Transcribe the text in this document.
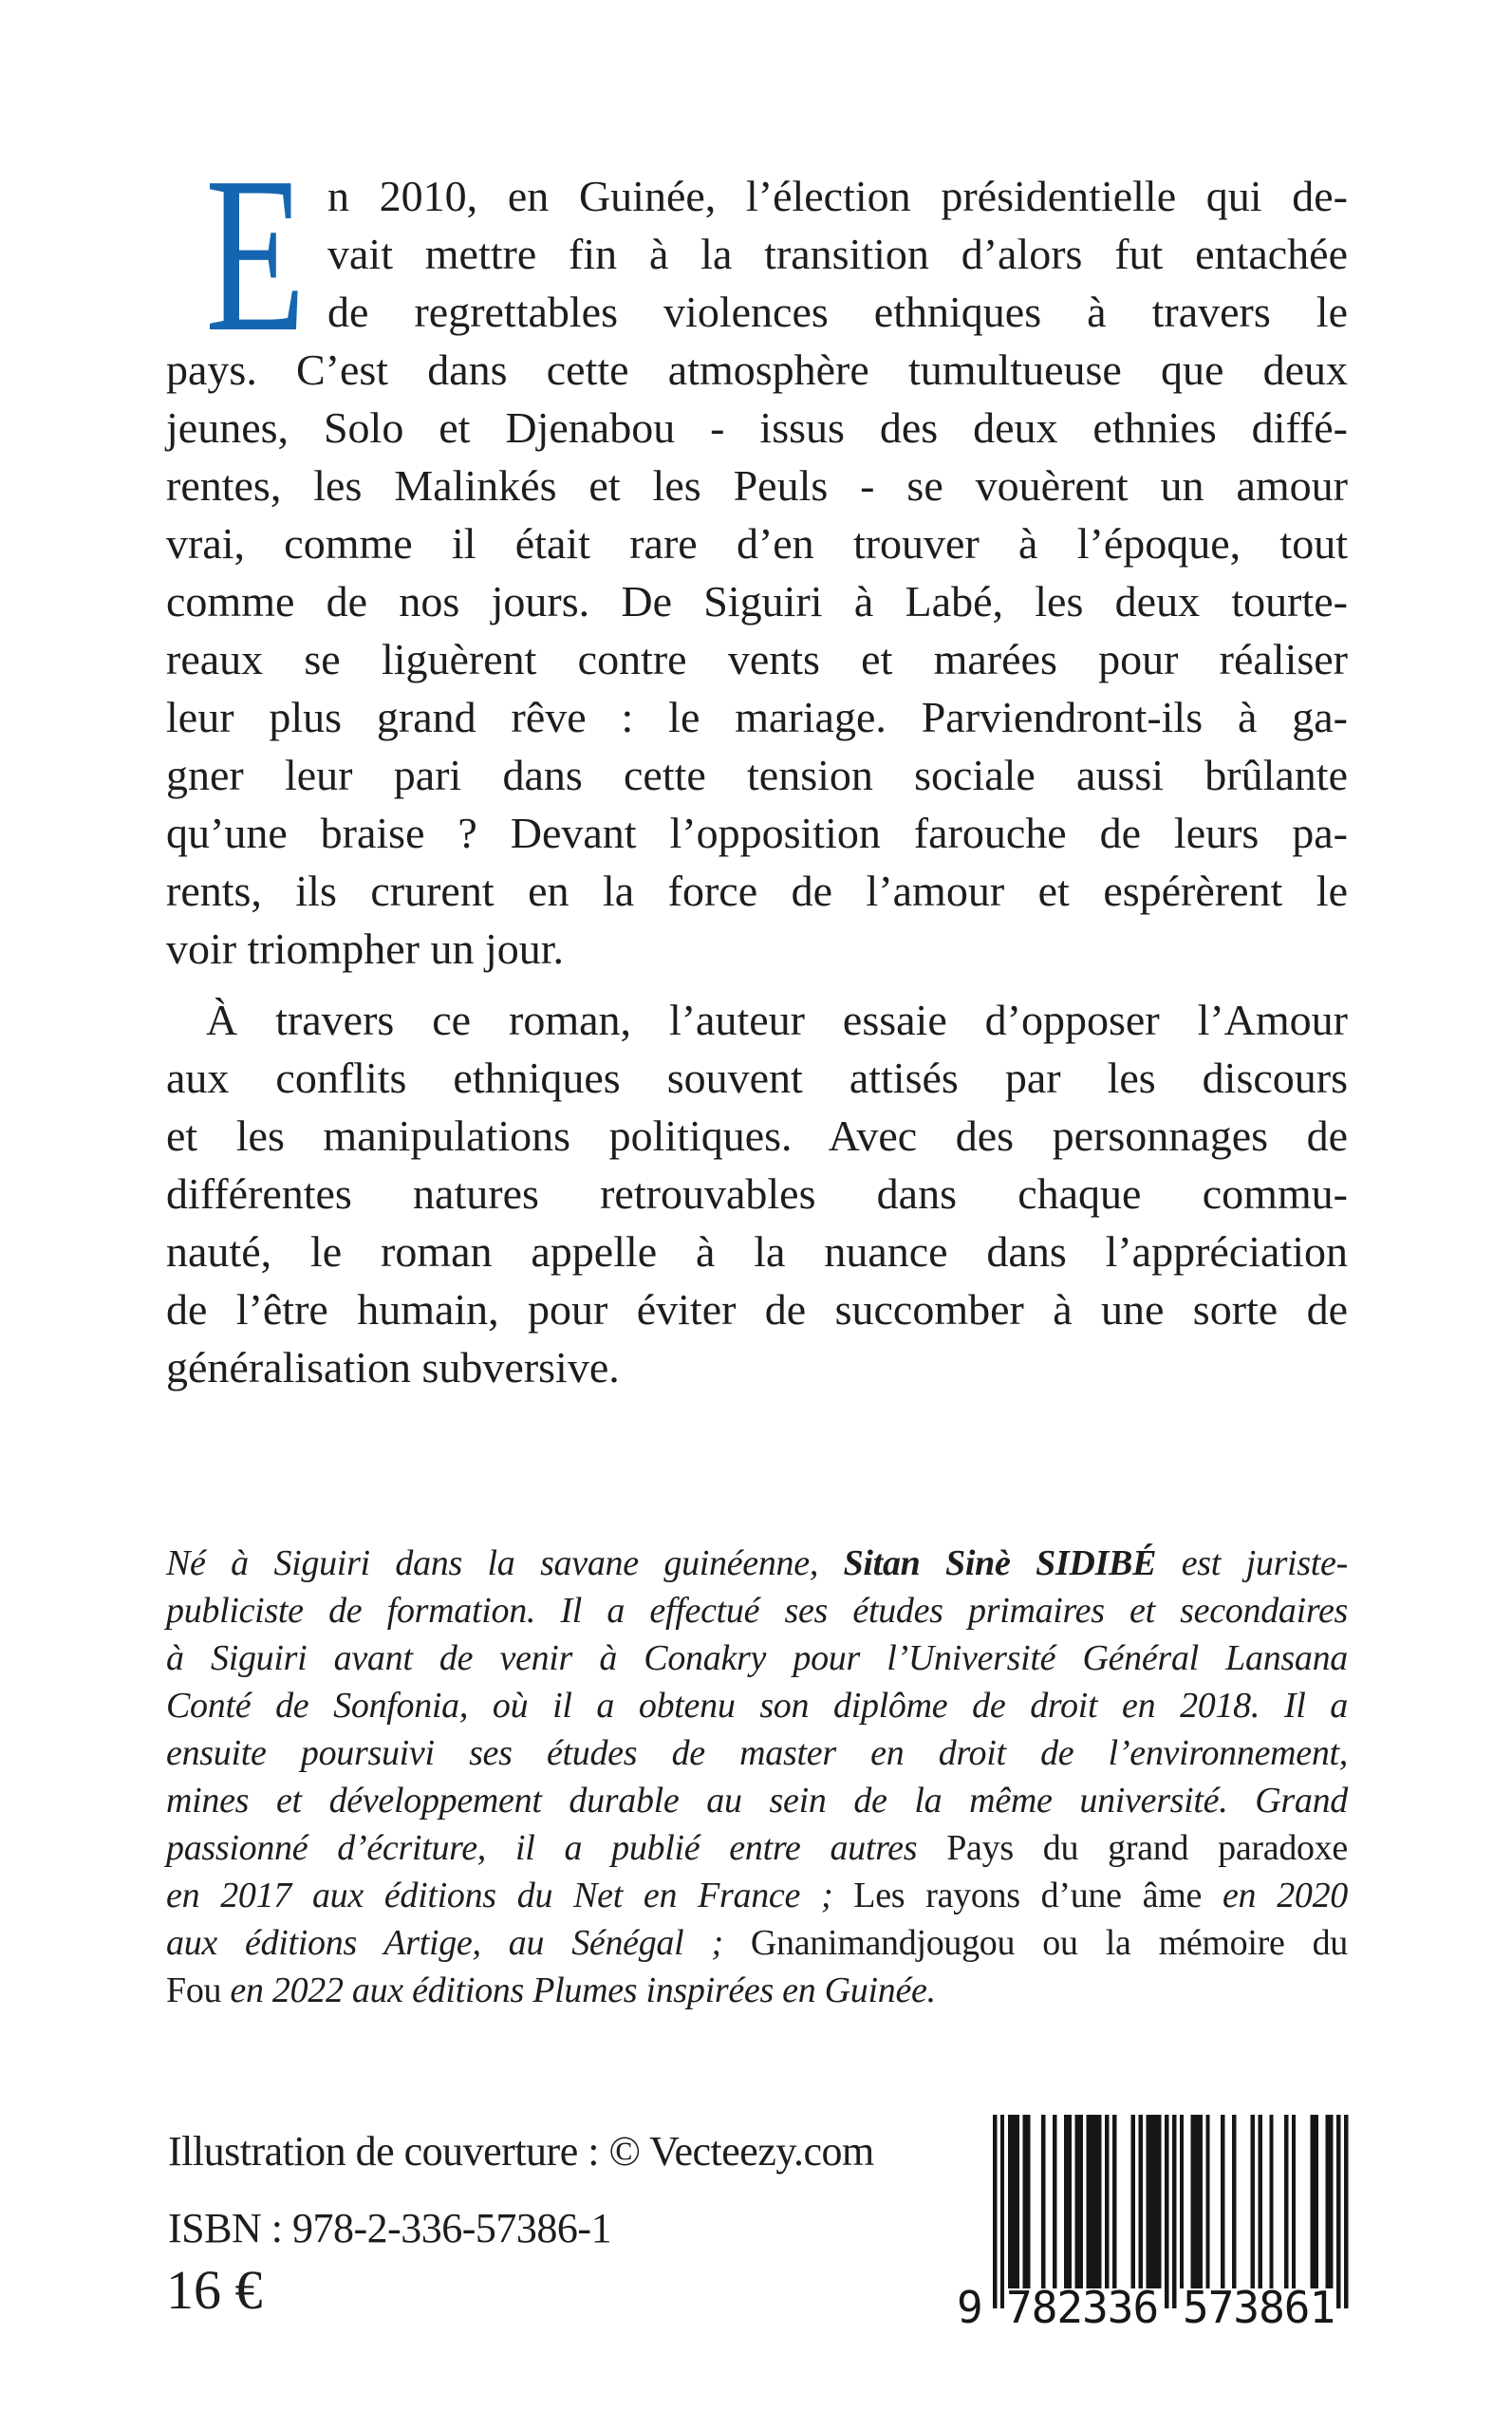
E n 2010, en Guinée, l’élection présidentielle qui de-
vait mettre fin à la transition d’alors fut entachée
de regrettables violences ethniques à travers le
pays. C’est dans cette atmosphère tumultueuse que deux
jeunes, Solo et Djenabou - issus des deux ethnies diffé-
rentes, les Malinkés et les Peuls - se vouèrent un amour
vrai, comme il était rare d’en trouver à l’époque, tout
comme de nos jours. De Siguiri à Labé, les deux tourte-
reaux se liguèrent contre vents et marées pour réaliser
leur plus grand rêve : le mariage. Parviendront-ils à ga-
gner leur pari dans cette tension sociale aussi brûlante
qu’une braise ? Devant l’opposition farouche de leurs pa-
rents, ils crurent en la force de l’amour et espérèrent le
voir triompher un jour.
À travers ce roman, l’auteur essaie d’opposer l’Amour
aux conflits ethniques souvent attisés par les discours
et les manipulations politiques. Avec des personnages de
différentes natures retrouvables dans chaque commu-
nauté, le roman appelle à la nuance dans l’appréciation
de l’être humain, pour éviter de succomber à une sorte de
généralisation subversive.
Né à Siguiri dans la savane guinéenne, Sitan Sinè SIDIBÉ est juriste-
publiciste de formation. Il a effectué ses études primaires et secondaires
à Siguiri avant de venir à Conakry pour l’Université Général Lansana
Conté de Sonfonia, où il a obtenu son diplôme de droit en 2018. Il a
ensuite poursuivi ses études de master en droit de l’environnement,
mines et développement durable au sein de la même université. Grand
passionné d’écriture, il a publié entre autres Pays du grand paradoxe
en 2017 aux éditions du Net en France ; Les rayons d’une âme en 2020
aux éditions Artige, au Sénégal ; Gnanimandjougou ou la mémoire du
Fou en 2022 aux éditions Plumes inspirées en Guinée.
Illustration de couverture : © Vecteezy.com
ISBN : 978-2-336-57386-1
16 €	9 782336 573861
